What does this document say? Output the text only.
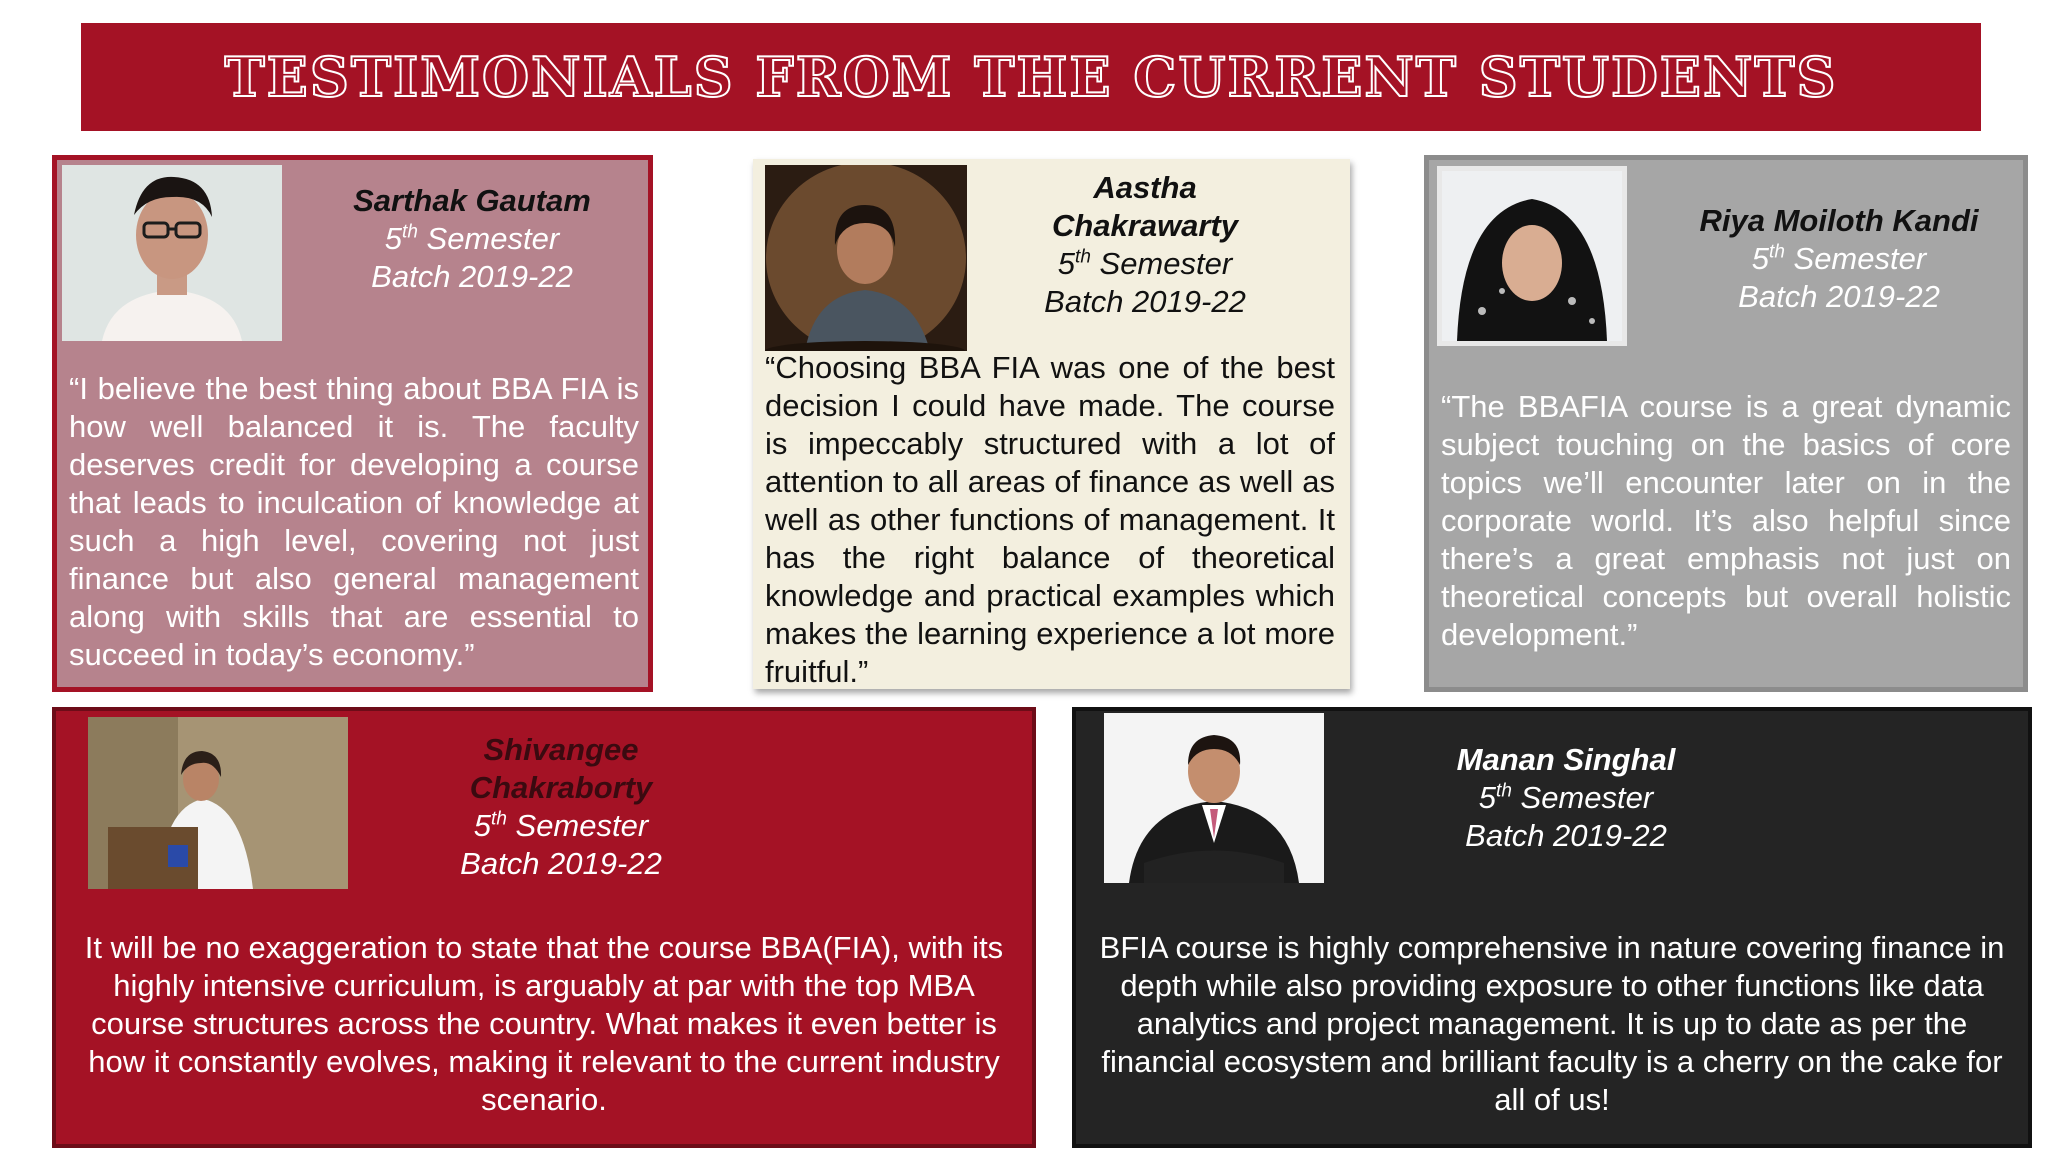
TESTIMONIALS FROM THE CURRENT STUDENTS
Sarthak Gautam
5th Semester
Batch 2019-22
“I believe the best thing about BBA FIA is how well balanced it is. The faculty deserves credit for developing a course that leads to inculcation of knowledge at such a high level, covering not just finance but also general management along with skills that are essential to succeed in today’s economy.”
Aastha Chakrawarty
5th Semester
Batch 2019-22
“Choosing BBA FIA was one of the best decision I could have made. The course is impeccably structured with a lot of attention to all areas of finance as well as well as other functions of management. It has the right balance of theoretical knowledge and practical examples which makes the learning experience a lot more fruitful.”
Riya Moiloth Kandi
5th Semester
Batch 2019-22
“The BBAFIA course is a great dynamic subject touching on the basics of core topics we’ll encounter later on in the corporate world. It’s also helpful since there’s a great emphasis not just on theoretical concepts but overall holistic development.”
Shivangee Chakraborty
5th Semester
Batch 2019-22
It will be no exaggeration to state that the course BBA(FIA), with its highly intensive curriculum, is arguably at par with the top MBA course structures across the country. What makes it even better is how it constantly evolves, making it relevant to the current industry scenario.
Manan Singhal
5th Semester
Batch 2019-22
BFIA course is highly comprehensive in nature covering finance in depth while also providing exposure to other functions like data analytics and project management. It is up to date as per the financial ecosystem and brilliant faculty is a cherry on the cake for all of us!
